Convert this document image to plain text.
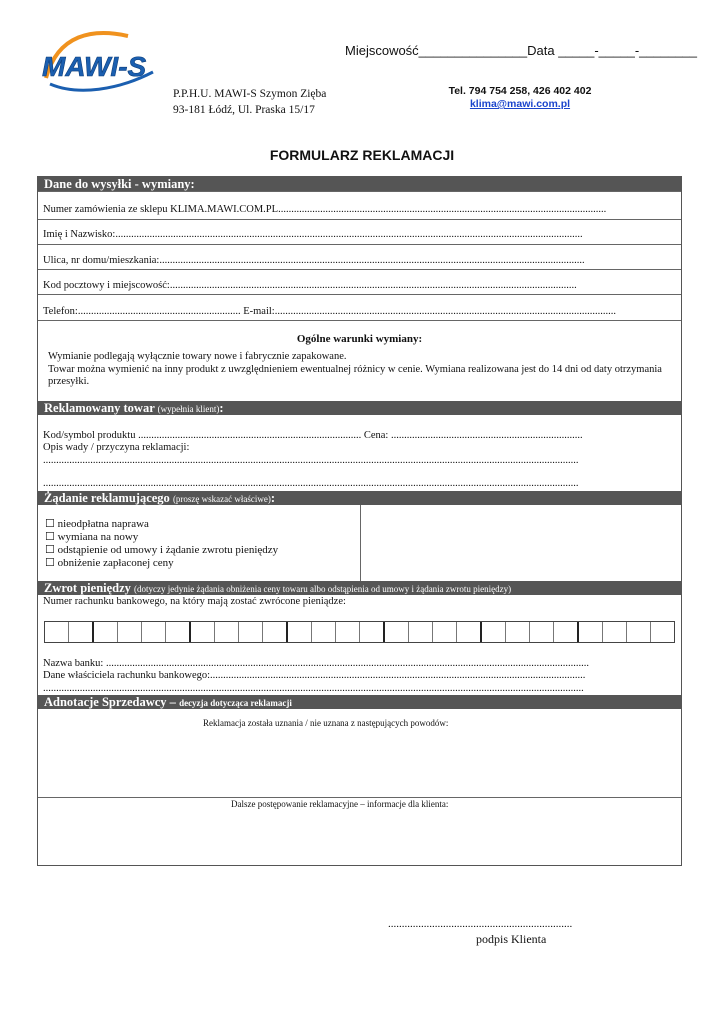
MAWI-S
Miejscowość_______________Data _____-_____-________
P.P.H.U. MAWI-S Szymon Zięba
93-181 Łódź, Ul. Praska 15/17
Tel. 794 754 258, 426 402 402
klima@mawi.com.pl
FORMULARZ REKLAMACJI
Dane do wysyłki - wymiany:
Numer zamówienia ze sklepu KLIMA.MAWI.COM.PL.............................................................................................................................
Imię i Nazwisko:..................................................................................................................................................................................
Ulica, nr domu/mieszkania:..................................................................................................................................................................
Kod pocztowy i miejscowość:...........................................................................................................................................................
Telefon:.............................................................. E-mail:..................................................................................................................................
Ogólne warunki wymiany:
Wymianie podlegają wyłącznie towary nowe i fabrycznie zapakowane.
Towar można wymienić na inny produkt z uwzględnieniem ewentualnej różnicy w cenie. Wymiana realizowana jest do 14 dni od daty otrzymania przesyłki.
Reklamowany towar (wypełnia klient):
Kod/symbol produktu ..................................................................................... Cena: .........................................................................
Opis wady / przyczyna reklamacji:
............................................................................................................................................................................................................
............................................................................................................................................................................................................
Żądanie reklamującego (proszę wskazać właściwe):
☐ nieodpłatna naprawa
☐ wymiana na nowy
☐ odstąpienie od umowy i żądanie zwrotu pieniędzy
☐ obniżenie zapłaconej ceny
Zwrot pieniędzy (dotyczy jedynie żądania obniżenia ceny towaru albo odstąpienia od umowy i żądania zwrotu pieniędzy)
Numer rachunku bankowego, na który mają zostać zwrócone pieniądze:
Nazwa banku: ........................................................................................................................................................................................
Dane właściciela rachunku bankowego:...............................................................................................................................................
..............................................................................................................................................................................................................
Adnotacje Sprzedawcy – decyzja dotycząca reklamacji
Reklamacja została uznania / nie uznana z następujących powodów:
Dalsze postępowanie reklamacyjne – informacje dla klienta:
...................................................................
podpis Klienta
